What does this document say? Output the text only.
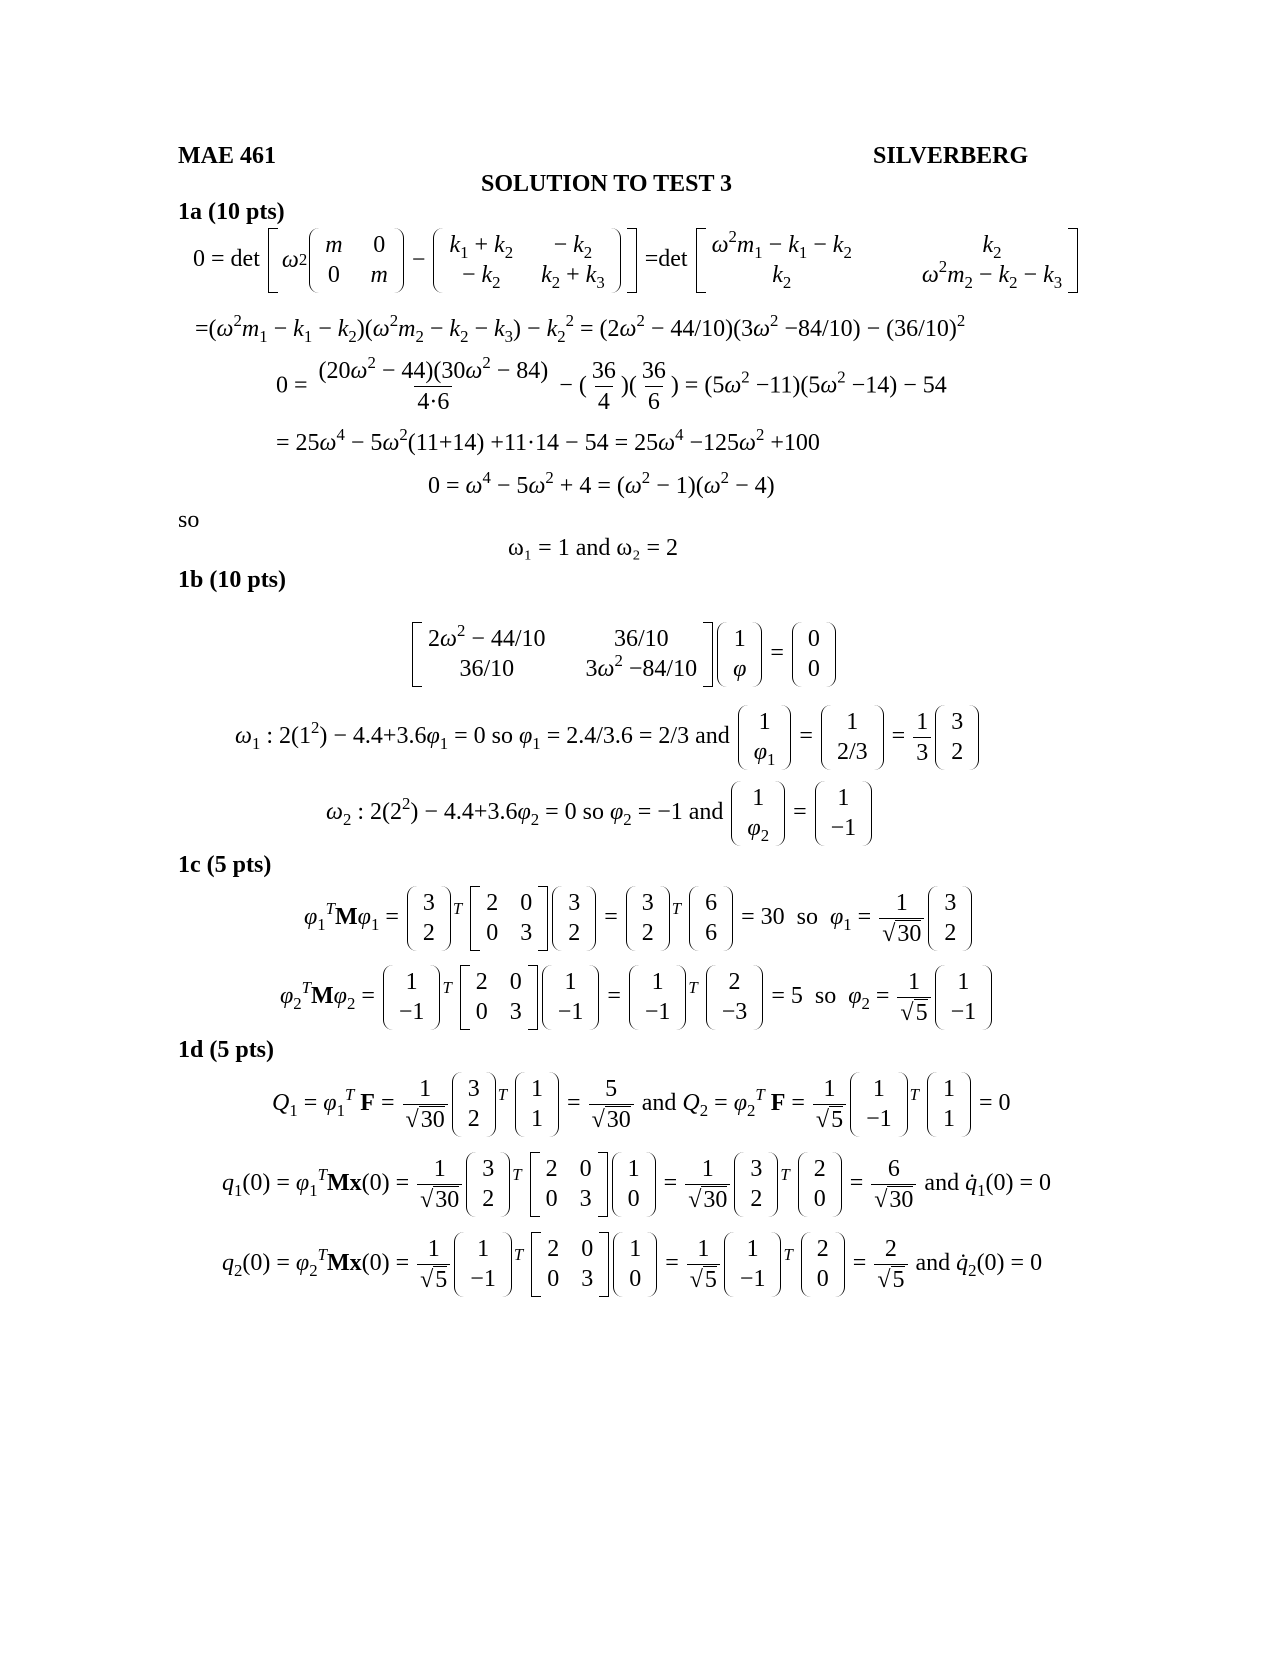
MAE 461	SILVERBERG
SOLUTION TO TEST 3
1a (10 pts)
0 = det ω 2
m 0
0 m
−
$k_1 + k_2$	− $k_2$
− $k_2$	$k_2 + k_3$
=det
$\omega^2m_1 - k_1 - k_2$	$k_2$
$k_2$	$\omega^2m_2 - k_2 - k_3$
$=(\omega^2m_1 - k_1 - k_2)(\omega^2m_2 - k_2 - k_3) - k_2^2 = (2\omega^2 - 44/10)(3\omega^2 -84/10) - (36/10)^2$
$0 = \frac{(20\omega^2 - 44)(30\omega^2 - 84)}{4\cdot 6}$ − ( $\frac{36}{4}$ )( $\frac{36}{6}$ ) = $(5\omega^2 -11)(5\omega^2 -14) - 54$
= $25\omega^4 - 5\omega^2(11+14) +11\cdot 14 - 54 = 25\omega^4 -125\omega^2 +100$
$0 = \omega^4 - 5\omega^2 + 4 = (\omega^2 - 1)(\omega^2 - 4)$
so
ω₁ = 1 and ω₂ = 2
1b (10 pts)
$2\omega^2 - 44/10$	36/10
36/10	$3\omega^2 -84/10$
1
φ
=
0
0
$\omega_1$ : $2(1^2) - 4.4+3.6\varphi_1 = 0$ so $\varphi_1 = 2.4/3.6 = 2/3$ and
1
$\varphi_1$
=
1
2/3
= $\frac{1}{3} 3$
2
$\omega_2$ : $2(2^2) - 4.4+3.6\varphi_2 = 0$ so $\varphi_2 = -1$ and
1
$\varphi_2$
=
1
−1
1c (5 pts)
$\varphi_1^TM\varphi_1$ =
3
2
$^T$ 2 0
0 3
3
2
=
3
2
$^T$ 6
6
= 30  so  $\varphi_1 = \frac{1}{√30} 3$
2
$\varphi_2^TM\varphi_2$ =
1
−1
$^T$ 2 0
0 3
1
−1
=
1
−1
$^T$ 2
−3
= 5  so  $\varphi_2 = \frac{1}{√5} 1$
−1
1d (5 pts)
$Q_1 = \varphi_1^T$ $F = \frac{1}{√30} 3$
2
$^T$ 1
1
= $\frac{5}{√30}$ and $Q_2 = \varphi_2^T$ $F = \frac{1}{√5} 1$
−1
$^T$ 1
1
= 0
$q_1(0) = \varphi_1^TMx(0) = \frac{1}{√30} 3$
2
$^T$ 2 0
0 3
1
0
= $\frac{1}{√30} 3$
2
$^T$ 2
0
= $\frac{6}{√30}$ and $q̇_1(0) = 0$
$q_2(0) = \varphi_2^TMx(0) = \frac{1}{√5} 1$
−1
$^T$ 2 0
0 3
1
0
= $\frac{1}{√5} 1$
−1
$^T$ 2
0
= $\frac{2}{√5}$ and $q̇_2(0) = 0$
